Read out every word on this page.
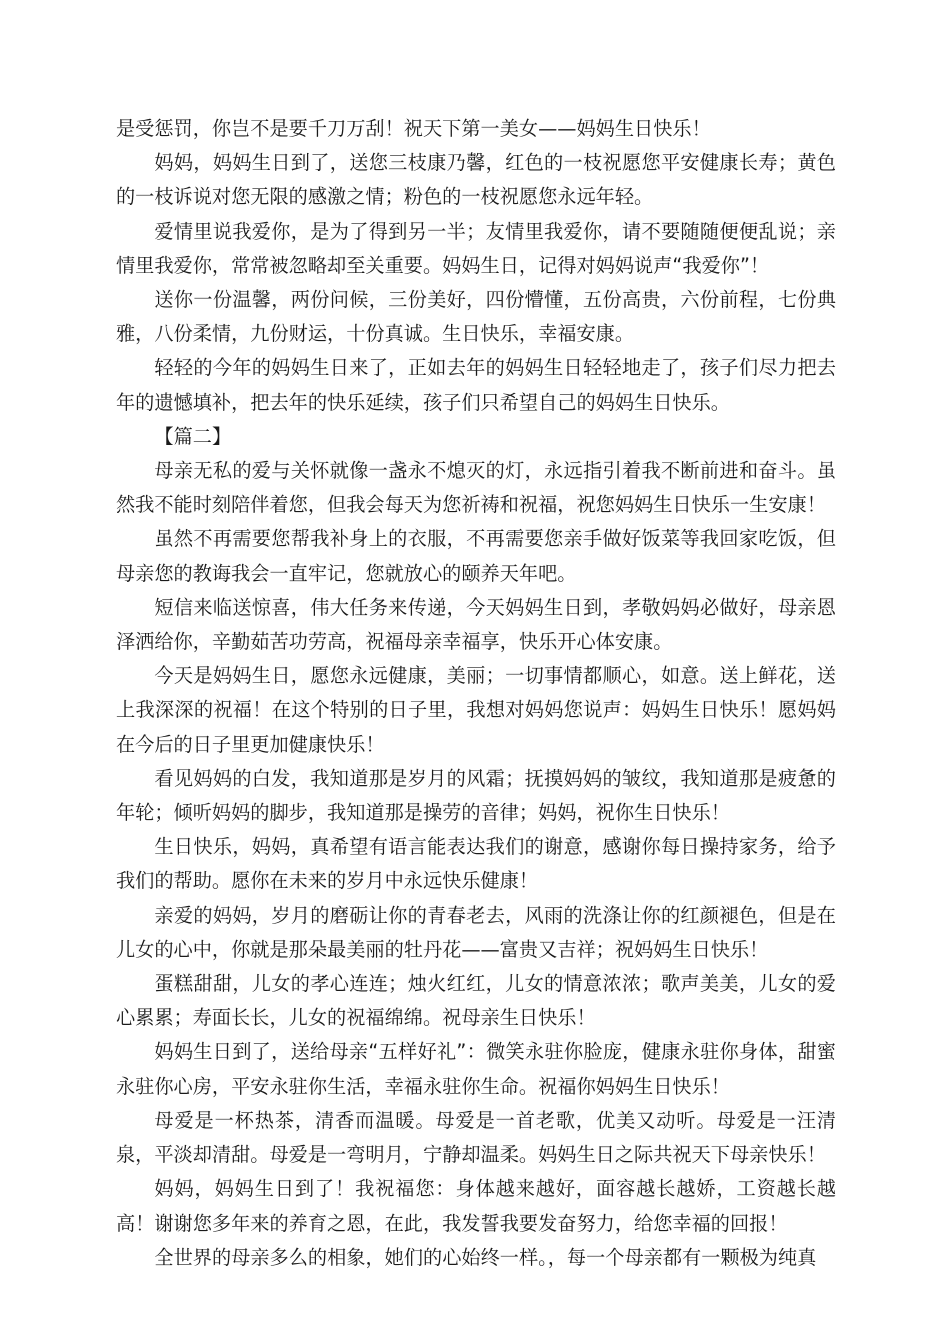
是受惩罚，你岂不是要千刀万刮！祝天下第一美女——妈妈生日快乐！

妈妈，妈妈生日到了，送您三枝康乃馨，红色的一枝祝愿您平安健康长寿；黄色的一枝诉说对您无限的感激之情；粉色的一枝祝愿您永远年轻。

爱情里说我爱你，是为了得到另一半；友情里我爱你，请不要随随便便乱说；亲情里我爱你，常常被忽略却至关重要。妈妈生日，记得对妈妈说声“我爱你”！

送你一份温馨，两份问候，三份美好，四份懵懂，五份高贵，六份前程，七份典雅，八份柔情，九份财运，十份真诚。生日快乐，幸福安康。

轻轻的今年的妈妈生日来了，正如去年的妈妈生日轻轻地走了，孩子们尽力把去年的遗憾填补，把去年的快乐延续，孩子们只希望自己的妈妈生日快乐。

【篇二】

母亲无私的爱与关怀就像一盏永不熄灭的灯，永远指引着我不断前进和奋斗。虽然我不能时刻陪伴着您，但我会每天为您祈祷和祝福，祝您妈妈生日快乐一生安康！

虽然不再需要您帮我补身上的衣服，不再需要您亲手做好饭菜等我回家吃饭，但母亲您的教诲我会一直牢记，您就放心的颐养天年吧。

短信来临送惊喜，伟大任务来传递，今天妈妈生日到，孝敬妈妈必做好，母亲恩泽洒给你，辛勤茹苦功劳高，祝福母亲幸福享，快乐开心体安康。

今天是妈妈生日，愿您永远健康，美丽；一切事情都顺心，如意。送上鲜花，送上我深深的祝福！在这个特别的日子里，我想对妈妈您说声：妈妈生日快乐！愿妈妈在今后的日子里更加健康快乐！

看见妈妈的白发，我知道那是岁月的风霜；抚摸妈妈的皱纹，我知道那是疲惫的年轮；倾听妈妈的脚步，我知道那是操劳的音律；妈妈，祝你生日快乐！

生日快乐，妈妈，真希望有语言能表达我们的谢意，感谢你每日操持家务，给予我们的帮助。愿你在未来的岁月中永远快乐健康！

亲爱的妈妈，岁月的磨砺让你的青春老去，风雨的洗涤让你的红颜褪色，但是在儿女的心中，你就是那朵最美丽的牡丹花——富贵又吉祥；祝妈妈生日快乐！

蛋糕甜甜，儿女的孝心连连；烛火红红，儿女的情意浓浓；歌声美美，儿女的爱心累累；寿面长长，儿女的祝福绵绵。祝母亲生日快乐！

妈妈生日到了，送给母亲“五样好礼”：微笑永驻你脸庞，健康永驻你身体，甜蜜永驻你心房，平安永驻你生活，幸福永驻你生命。祝福你妈妈生日快乐！

母爱是一杯热茶，清香而温暖。母爱是一首老歌，优美又动听。母爱是一汪清泉，平淡却清甜。母爱是一弯明月，宁静却温柔。妈妈生日之际共祝天下母亲快乐！

妈妈，妈妈生日到了！我祝福您：身体越来越好，面容越长越娇，工资越长越高！谢谢您多年来的养育之恩，在此，我发誓我要发奋努力，给您幸福的回报！

全世界的母亲多么的相象，她们的心始终一样。，每一个母亲都有一颗极为纯真
